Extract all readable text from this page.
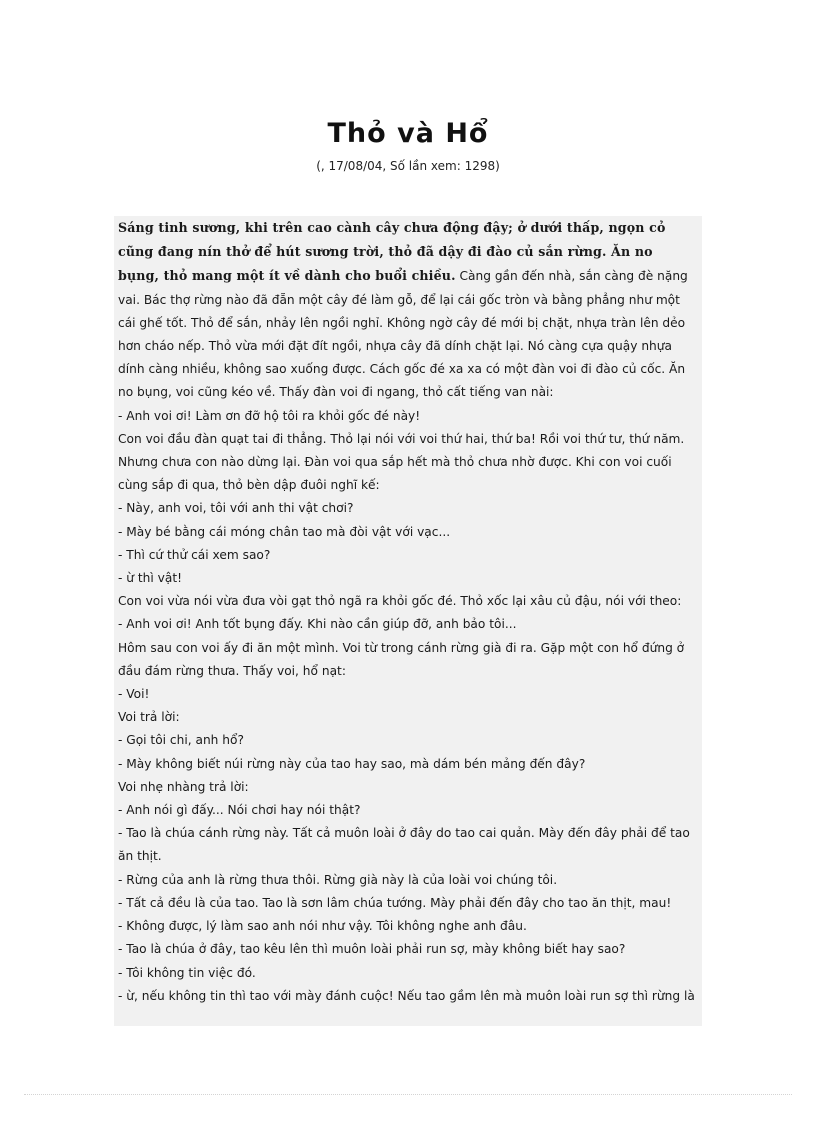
Thỏ và Hổ
(, 17/08/04, Số lần xem: 1298)

Sáng tinh sương, khi trên cao cành cây chưa động đậy; ở dưới thấp, ngọn cỏ cũng đang nín thở để hút sương trời, thỏ đã dậy đi đào củ sắn rừng. Ăn no bụng, thỏ mang một ít về dành cho buổi chiều. Càng gần đến nhà, sắn càng đè nặng vai. Bác thợ rừng nào đã đẵn một cây đé làm gỗ, để lại cái gốc tròn và bằng phẳng như một cái ghế tốt. Thỏ để sắn, nhảy lên ngồi nghỉ. Không ngờ cây đé mới bị chặt, nhựa tràn lên dẻo hơn cháo nếp. Thỏ vừa mới đặt đít ngồi, nhựa cây đã dính chặt lại. Nó càng cựa quậy nhựa dính càng nhiều, không sao xuống được. Cách gốc đé xa xa có một đàn voi đi đào củ cốc. Ăn no bụng, voi cũng kéo về. Thấy đàn voi đi ngang, thỏ cất tiếng van nài:

- Anh voi ơi! Làm ơn đỡ hộ tôi ra khỏi gốc đé này!

Con voi đầu đàn quạt tai đi thẳng. Thỏ lại nói với voi thứ hai, thứ ba! Rồi voi thứ tư, thứ năm. Nhưng chưa con nào dừng lại. Đàn voi qua sắp hết mà thỏ chưa nhờ được. Khi con voi cuối cùng sắp đi qua, thỏ bèn dập đuôi nghĩ kế:

- Này, anh voi, tôi với anh thi vật chơi?

- Mày bé bằng cái móng chân tao mà đòi vật với vạc...

- Thì cứ thử cái xem sao?

- ừ thì vật!

Con voi vừa nói vừa đưa vòi gạt thỏ ngã ra khỏi gốc đé. Thỏ xốc lại xâu củ đậu, nói với theo:

- Anh voi ơi! Anh tốt bụng đấy. Khi nào cần giúp đỡ, anh bảo tôi...

Hôm sau con voi ấy đi ăn một mình. Voi từ trong cánh rừng già đi ra. Gặp một con hổ đứng ở đầu đám rừng thưa. Thấy voi, hổ nạt:

- Voi!

Voi trả lời:

- Gọi tôi chi, anh hổ?

- Mày không biết núi rừng này của tao hay sao, mà dám bén mảng đến đây?

Voi nhẹ nhàng trả lời:

- Anh nói gì đấy... Nói chơi hay nói thật?

- Tao là chúa cánh rừng này. Tất cả muôn loài ở đây do tao cai quản. Mày đến đây phải để tao ăn thịt.

- Rừng của anh là rừng thưa thôi. Rừng già này là của loài voi chúng tôi.

- Tất cả đều là của tao. Tao là sơn lâm chúa tướng. Mày phải đến đây cho tao ăn thịt, mau!

- Không được, lý làm sao anh nói như vậy. Tôi không nghe anh đâu.

- Tao là chúa ở đây, tao kêu lên thì muôn loài phải run sợ, mày không biết hay sao?

- Tôi không tin việc đó.

- ừ, nếu không tin thì tao với mày đánh cuộc! Nếu tao gầm lên mà muôn loài run sợ thì rừng là
